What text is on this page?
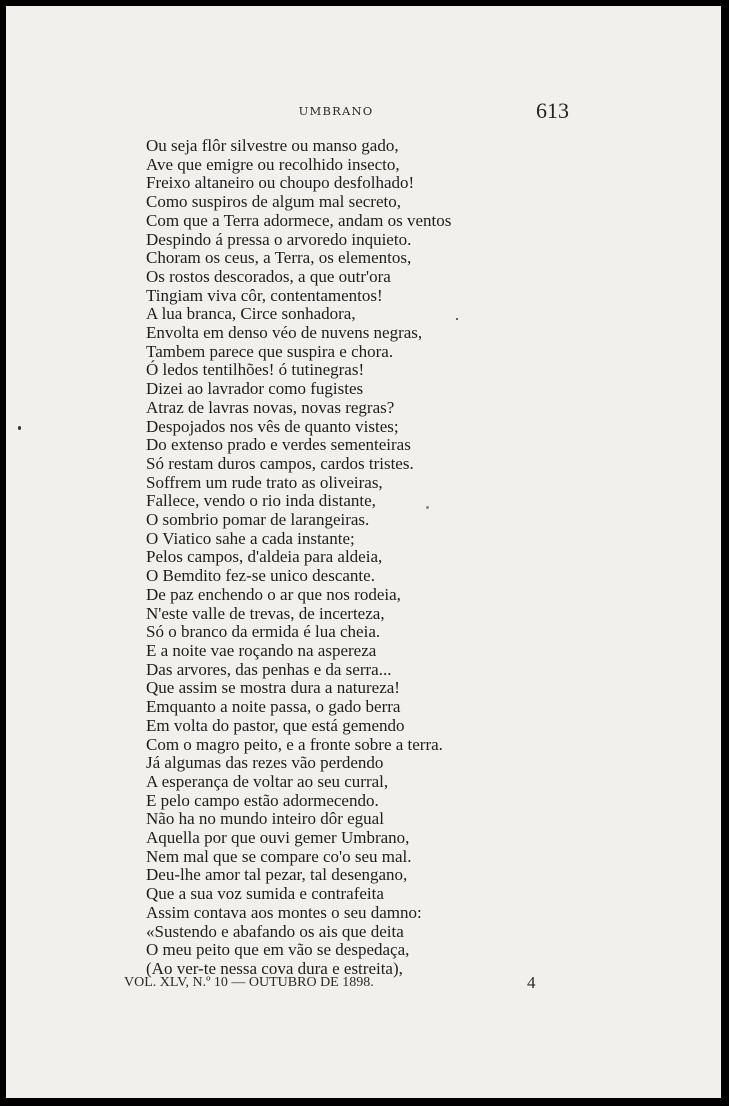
UMBRANO	613
Ou seja flôr silvestre ou manso gado,
Ave que emigre ou recolhido insecto,
Freixo altaneiro ou choupo desfolhado!
Como suspiros de algum mal secreto,
Com que a Terra adormece, andam os ventos
Despindo á pressa o arvoredo inquieto.
Choram os ceus, a Terra, os elementos,
Os rostos descorados, a que outr'ora
Tingiam viva côr, contentamentos!
A lua branca, Circe sonhadora,
Envolta em denso véo de nuvens negras,
Tambem parece que suspira e chora.
Ó ledos tentilhões! ó tutinegras!
Dizei ao lavrador como fugistes
Atraz de lavras novas, novas regras?
Despojados nos vês de quanto vistes;
Do extenso prado e verdes sementeiras
Só restam duros campos, cardos tristes.
Soffrem um rude trato as oliveiras,
Fallece, vendo o rio inda distante,
O sombrio pomar de larangeiras.
O Viatico sahe a cada instante;
Pelos campos, d'aldeia para aldeia,
O Bemdito fez-se unico descante.
De paz enchendo o ar que nos rodeia,
N'este valle de trevas, de incerteza,
Só o branco da ermida é lua cheia.
E a noite vae roçando na aspereza
Das arvores, das penhas e da serra...
Que assim se mostra dura a natureza!
Emquanto a noite passa, o gado berra
Em volta do pastor, que está gemendo
Com o magro peito, e a fronte sobre a terra.
Já algumas das rezes vão perdendo
A esperança de voltar ao seu curral,
E pelo campo estão adormecendo.
Não ha no mundo inteiro dôr egual
Aquella por que ouvi gemer Umbrano,
Nem mal que se compare co'o seu mal.
Deu-lhe amor tal pezar, tal desengano,
Que a sua voz sumida e contrafeita
Assim contava aos montes o seu damno:
«Sustendo e abafando os ais que deita
O meu peito que em vão se despedaça,
(Ao ver-te nessa cova dura e estreita),
VOL. XLV, N.º 10 — OUTUBRO DE 1898.	4
